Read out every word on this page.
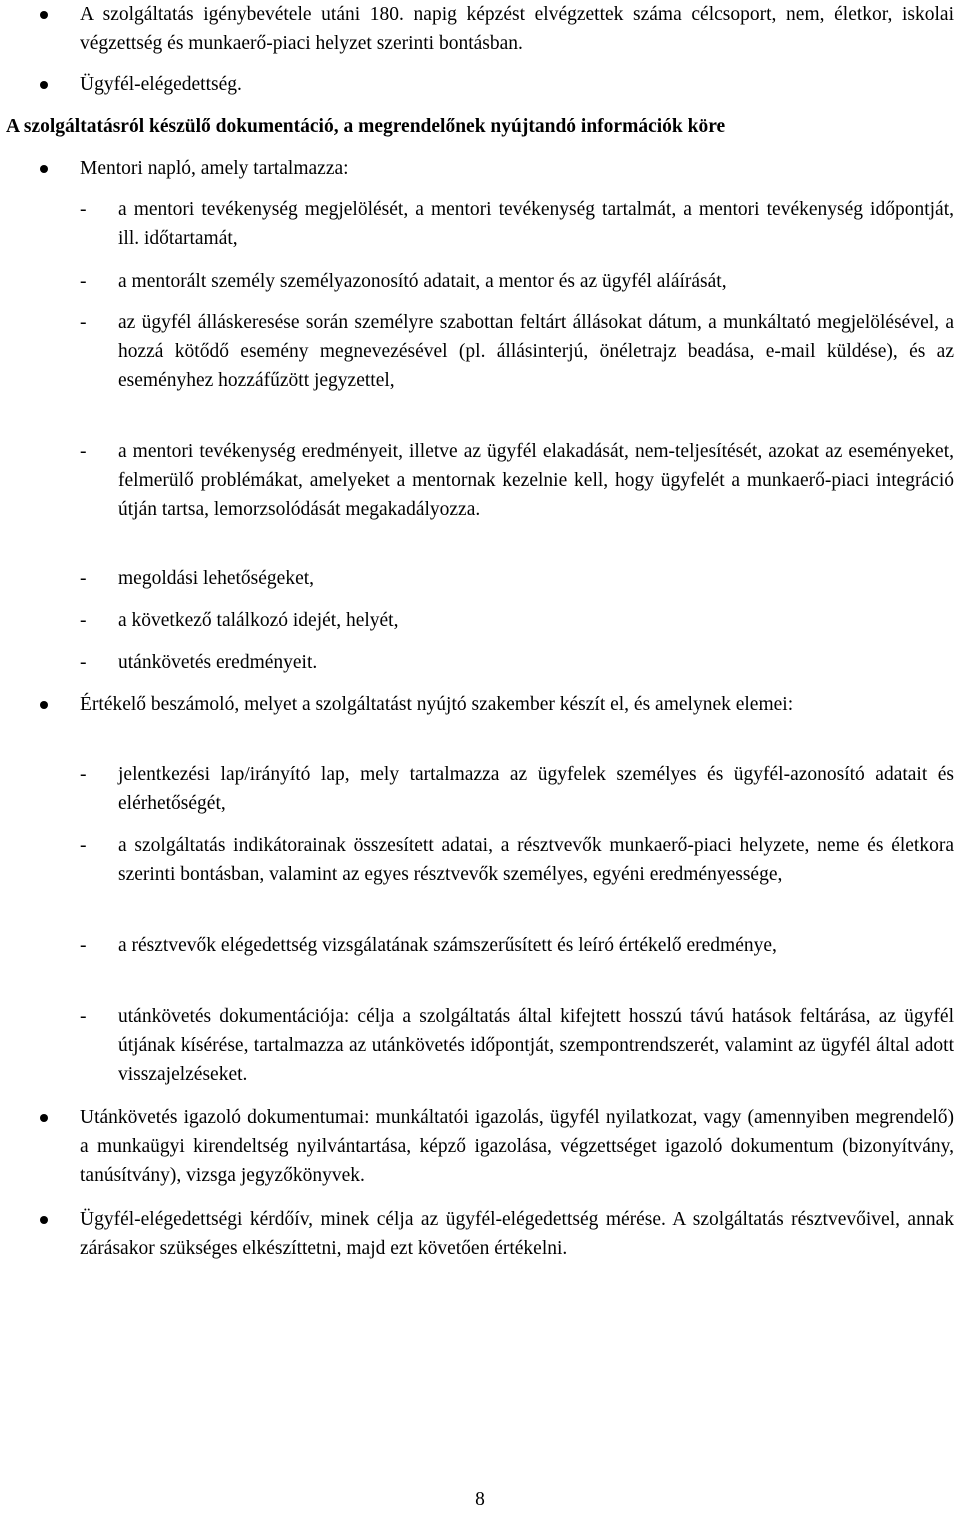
A szolgáltatás igénybevétele utáni 180. napig képzést elvégzettek száma célcsoport, nem, életkor, iskolai végzettség és munkaerő-piaci helyzet szerinti bontásban.

Ügyfél-elégedettség.

A szolgáltatásról készülő dokumentáció, a megrendelőnek nyújtandó információk köre

Mentori napló, amely tartalmazza:

- a mentori tevékenység megjelölését, a mentori tevékenység tartalmát, a mentori tevékenység időpontját, ill. időtartamát,

- a mentorált személy személyazonosító adatait, a mentor és az ügyfél aláírását,

- az ügyfél álláskeresése során személyre szabottan feltárt állásokat dátum, a munkáltató megjelölésével, a hozzá kötődő esemény megnevezésével (pl. állásinterjú, önéletrajz beadása, e-mail küldése), és az eseményhez hozzáfűzött jegyzettel,

- a mentori tevékenység eredményeit, illetve az ügyfél elakadását, nem-teljesítését, azokat az eseményeket, felmerülő problémákat, amelyeket a mentornak kezelnie kell, hogy ügyfelét a munkaerő-piaci integráció útján tartsa, lemorzsolódását megakadályozza.

- megoldási lehetőségeket,

- a következő találkozó idejét, helyét,

- utánkövetés eredményeit.

Értékelő beszámoló, melyet a szolgáltatást nyújtó szakember készít el, és amelynek elemei:

- jelentkezési lap/irányító lap, mely tartalmazza az ügyfelek személyes és ügyfél-azonosító adatait és elérhetőségét,

- a szolgáltatás indikátorainak összesített adatai, a résztvevők munkaerő-piaci helyzete, neme és életkora szerinti bontásban, valamint az egyes résztvevők személyes, egyéni eredményessége,

- a résztvevők elégedettség vizsgálatának számszerűsített és leíró értékelő eredménye,

- utánkövetés dokumentációja: célja a szolgáltatás által kifejtett hosszú távú hatások feltárása, az ügyfél útjának kísérése, tartalmazza az utánkövetés időpontját, szempontrendszerét, valamint az ügyfél által adott visszajelzéseket.

Utánkövetés igazoló dokumentumai: munkáltatói igazolás, ügyfél nyilatkozat, vagy (amennyiben megrendelő) a munkaügyi kirendeltség nyilvántartása, képző igazolása, végzettséget igazoló dokumentum (bizonyítvány, tanúsítvány), vizsga jegyzőkönyvek.

Ügyfél-elégedettségi kérdőív, minek célja az ügyfél-elégedettség mérése. A szolgáltatás résztvevőivel, annak zárásakor szükséges elkészíttetni, majd ezt követően értékelni.

8
